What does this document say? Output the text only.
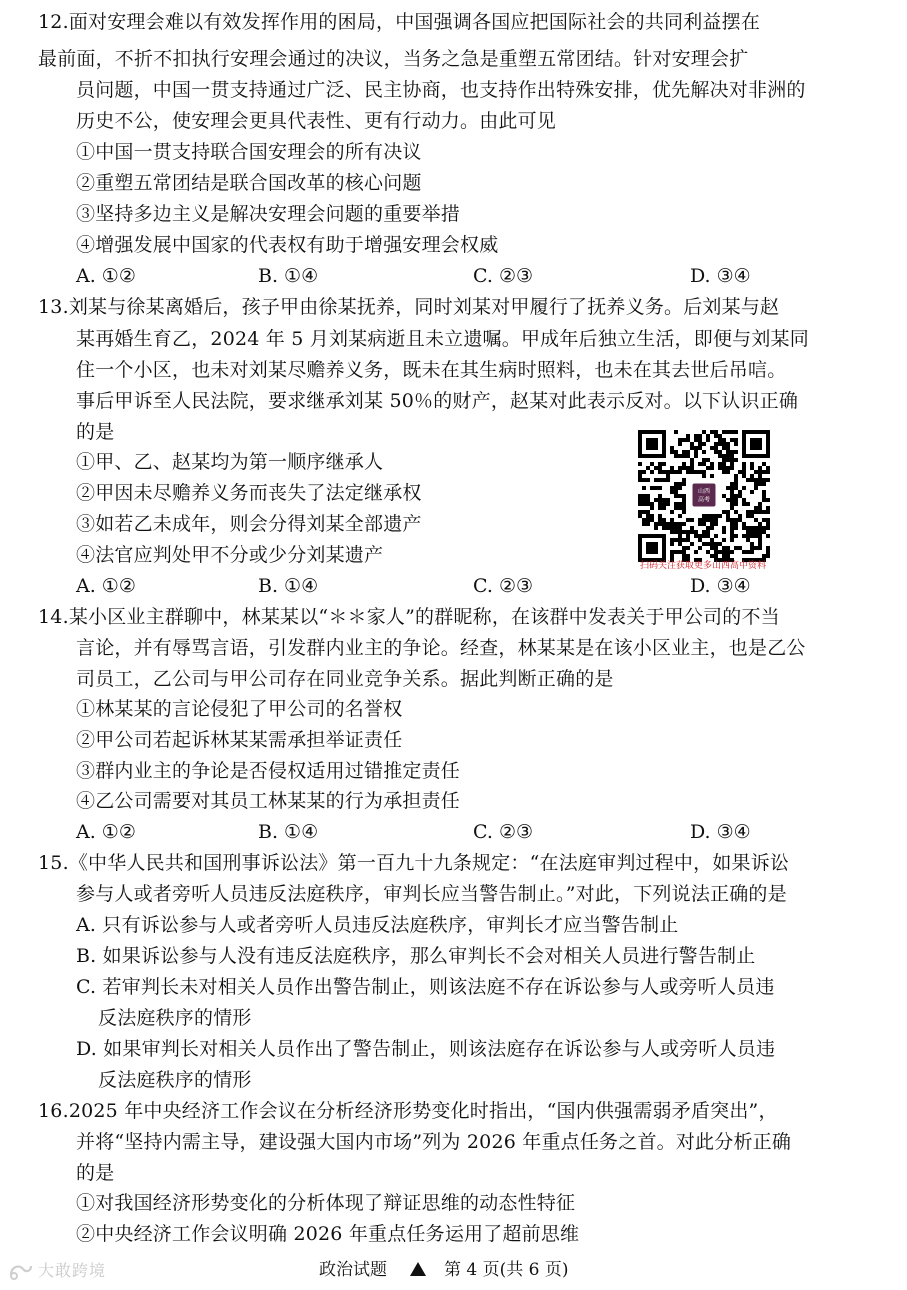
12.面对安理会难以有效发挥作用的困局，中国强调各国应把国际社会的共同利益摆在
最前面，不折不扣执行安理会通过的决议，当务之急是重塑五常团结。针对安理会扩
员问题，中国一贯支持通过广泛、民主协商，也支持作出特殊安排，优先解决对非洲的
历史不公，使安理会更具代表性、更有行动力。由此可见
①中国一贯支持联合国安理会的所有决议
②重塑五常团结是联合国改革的核心问题
③坚持多边主义是解决安理会问题的重要举措
④增强发展中国家的代表权有助于增强安理会权威
A. ①②	B. ①④	C. ②③	D. ③④
13.刘某与徐某离婚后，孩子甲由徐某抚养，同时刘某对甲履行了抚养义务。后刘某与赵
某再婚生育乙，2024 年 5 月刘某病逝且未立遗嘱。甲成年后独立生活，即便与刘某同
住一个小区，也未对刘某尽赡养义务，既未在其生病时照料，也未在其去世后吊唁。
事后甲诉至人民法院，要求继承刘某 50％的财产，赵某对此表示反对。以下认识正确
的是
①甲、乙、赵某均为第一顺序继承人
②甲因未尽赡养义务而丧失了法定继承权
③如若乙未成年，则会分得刘某全部遗产
④法官应判处甲不分或少分刘某遗产
A. ①②	B. ①④	C. ②③	D. ③④
山西
高考
扫码关注获取更多山西高中资料
14.某小区业主群聊中，林某某以“＊＊家人”的群昵称，在该群中发表关于甲公司的不当
言论，并有辱骂言语，引发群内业主的争论。经查，林某某是在该小区业主，也是乙公
司员工，乙公司与甲公司存在同业竞争关系。据此判断正确的是
①林某某的言论侵犯了甲公司的名誉权
②甲公司若起诉林某某需承担举证责任
③群内业主的争论是否侵权适用过错推定责任
④乙公司需要对其员工林某某的行为承担责任
A. ①②	B. ①④	C. ②③	D. ③④
15.《中华人民共和国刑事诉讼法》第一百九十九条规定：“在法庭审判过程中，如果诉讼
参与人或者旁听人员违反法庭秩序，审判长应当警告制止。”对此，下列说法正确的是
A. 只有诉讼参与人或者旁听人员违反法庭秩序，审判长才应当警告制止
B. 如果诉讼参与人没有违反法庭秩序，那么审判长不会对相关人员进行警告制止
C. 若审判长未对相关人员作出警告制止，则该法庭不存在诉讼参与人或旁听人员违
反法庭秩序的情形
D. 如果审判长对相关人员作出了警告制止，则该法庭存在诉讼参与人或旁听人员违
反法庭秩序的情形
16.2025 年中央经济工作会议在分析经济形势变化时指出，“国内供强需弱矛盾突出”，
并将“坚持内需主导，建设强大国内市场”列为 2026 年重点任务之首。对此分析正确
的是
①对我国经济形势变化的分析体现了辩证思维的动态性特征
②中央经济工作会议明确 2026 年重点任务运用了超前思维
政治试题	第 4 页(共 6 页)
大敢跨境
